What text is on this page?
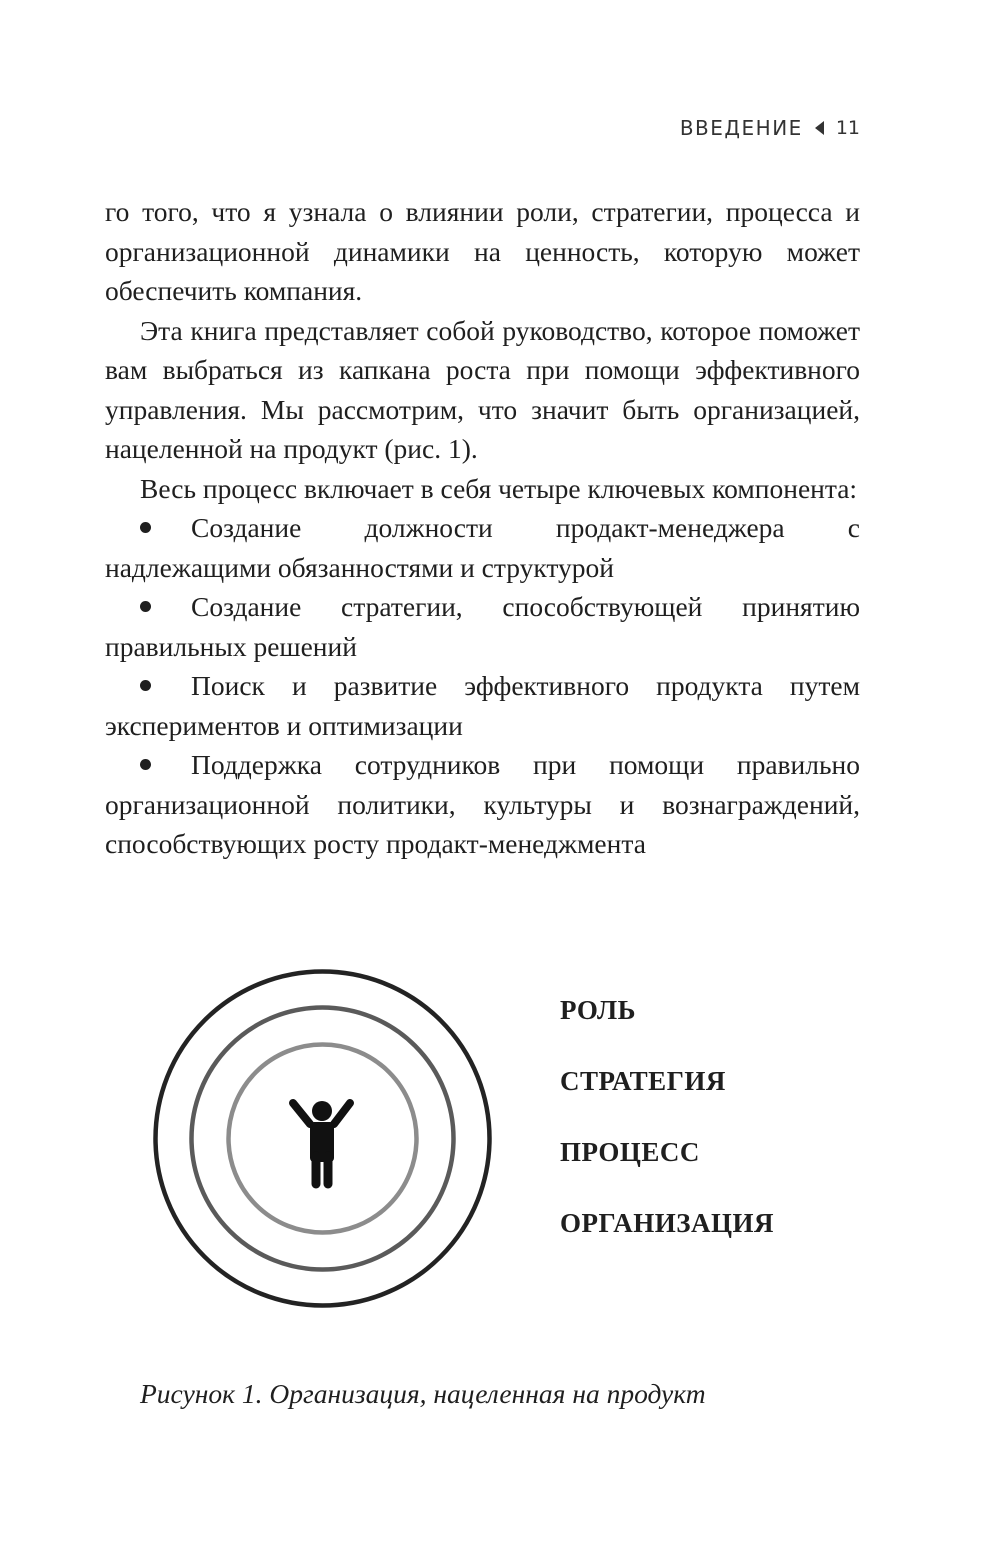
ВВЕДЕНИЕ 11

го того, что я узнала о влиянии роли, стратегии, процесса и организационной динамики на ценность, которую может обеспечить компания.

Эта книга представляет собой руководство, которое поможет вам выбраться из капкана роста при помощи эффективного управления. Мы рассмотрим, что значит быть организацией, нацеленной на продукт (рис. 1).

Весь процесс включает в себя четыре ключевых компонента:

Создание должности продакт-менеджера с надлежащими обязанностями и структурой

Создание стратегии, способствующей принятию правильных решений

Поиск и развитие эффективного продукта путем экспериментов и оптимизации

Поддержка сотрудников при помощи правильно организационной политики, культуры и вознаграждений, способствующих росту продакт-менеджмента

РОЛЬ
СТРАТЕГИЯ
ПРОЦЕСС
ОРГАНИЗАЦИЯ
Рисунок 1. Организация, нацеленная на продукт
